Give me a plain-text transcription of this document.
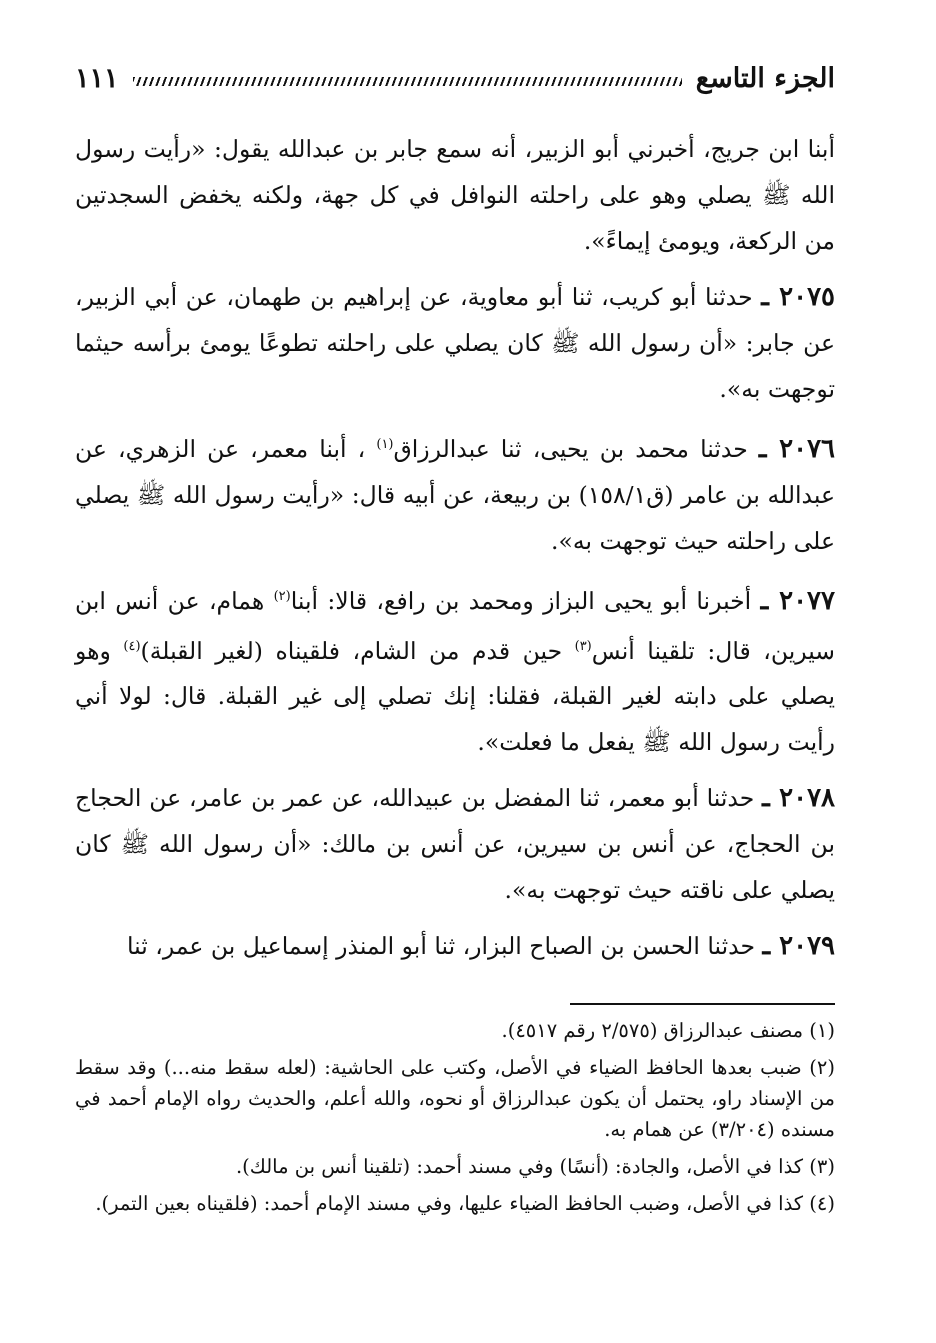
الجزء التاسع
١١١

أبنا ابن جريج، أخبرني أبو الزبير، أنه سمع جابر بن عبدالله يقول: «رأيت رسول الله ﷺ يصلي وهو على راحلته النوافل في كل جهة، ولكنه يخفض السجدتين من الركعة، ويومئ إيماءً».

٢٠٧٥ ـ حدثنا أبو كريب، ثنا أبو معاوية، عن إبراهيم بن طهمان، عن أبي الزبير، عن جابر: «أن رسول الله ﷺ كان يصلي على راحلته تطوعًا يومئ برأسه حيثما توجهت به».

٢٠٧٦ ـ حدثنا محمد بن يحيى، ثنا عبدالرزاق$^{(١)}$ ، أبنا معمر، عن الزهري، عن عبدالله بن عامر (ق١٥٨/١) بن ربيعة، عن أبيه قال: «رأيت رسول الله ﷺ يصلي على راحلته حيث توجهت به».

٢٠٧٧ ـ أخبرنا أبو يحيى البزاز ومحمد بن رافع، قالا: أبنا$^{(٢)}$ همام، عن أنس ابن سيرين، قال: تلقينا أنس$^{(٣)}$ حين قدم من الشام، فلقيناه (لغير القبلة)$^{(٤)}$ وهو يصلي على دابته لغير القبلة، فقلنا: إنك تصلي إلى غير القبلة. قال: لولا أني رأيت رسول الله ﷺ يفعل ما فعلت».

٢٠٧٨ ـ حدثنا أبو معمر، ثنا المفضل بن عبيدالله، عن عمر بن عامر، عن الحجاج بن الحجاج، عن أنس بن سيرين، عن أنس بن مالك: «أن رسول الله ﷺ كان يصلي على ناقته حيث توجهت به».

٢٠٧٩ ـ حدثنا الحسن بن الصباح البزار، ثنا أبو المنذر إسماعيل بن عمر، ثنا

(١) مصنف عبدالرزاق (٢/٥٧٥ رقم ٤٥١٧).

(٢) ضبب بعدها الحافظ الضياء في الأصل، وكتب على الحاشية: (لعله سقط منه...) وقد سقط من الإسناد راو، يحتمل أن يكون عبدالرزاق أو نحوه، والله أعلم، والحديث رواه الإمام أحمد في مسنده (٣/٢٠٤) عن همام به.

(٣) كذا في الأصل، والجادة: (أنسًا) وفي مسند أحمد: (تلقينا أنس بن مالك).

(٤) كذا في الأصل، وضبب الحافظ الضياء عليها، وفي مسند الإمام أحمد: (فلقيناه بعين التمر).
